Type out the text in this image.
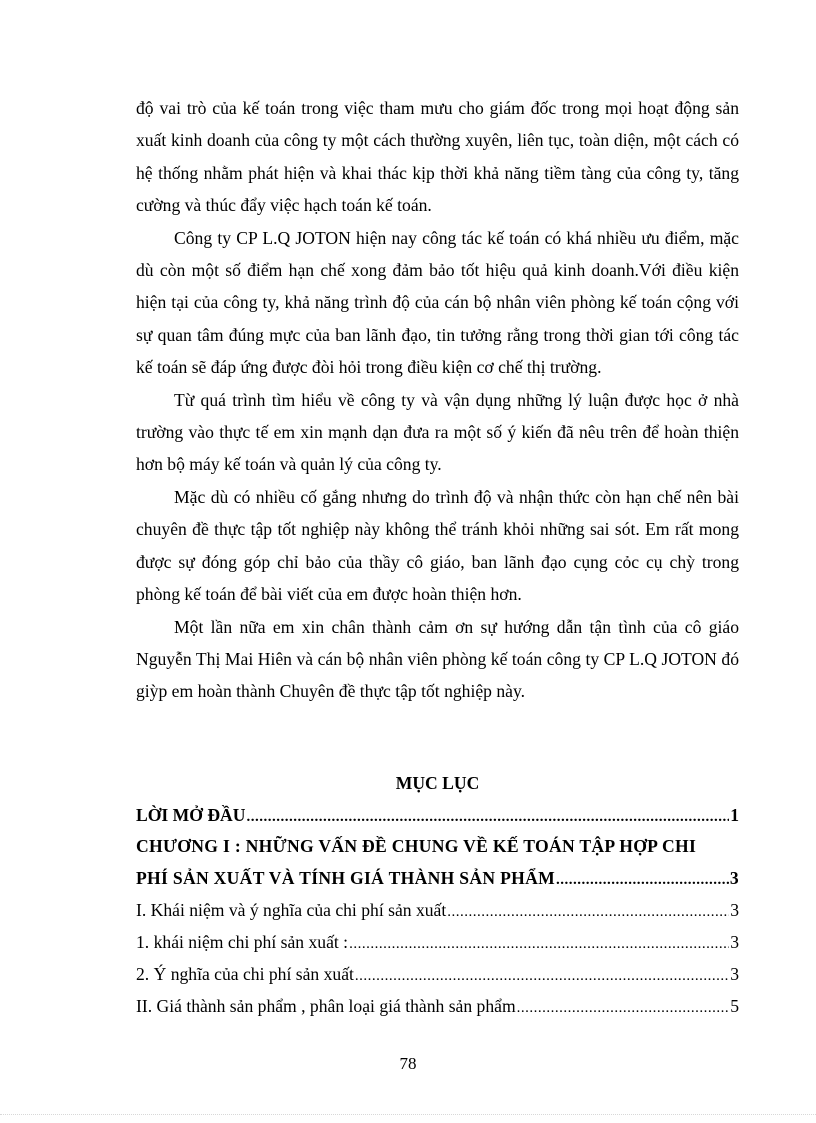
độ vai trò của kế toán trong việc tham mưu cho giám đốc trong mọi hoạt động sản xuất kinh doanh của công ty một cách thường xuyên, liên tục, toàn diện, một cách có hệ thống nhằm phát hiện và khai thác kịp thời khả năng tiềm tàng của công ty, tăng cường và thúc đẩy việc hạch toán kế toán.

Công ty CP L.Q JOTON hiện nay công tác kế toán có khá nhiều ưu điểm, mặc dù còn một số điểm hạn chế xong đảm bảo tốt hiệu quả kinh doanh.Với điều kiện hiện tại của công ty, khả năng trình độ của cán bộ nhân viên phòng kế toán cộng với sự quan tâm đúng mực của ban lãnh đạo, tin tưởng rằng trong thời gian tới công tác kế toán sẽ đáp ứng được đòi hỏi trong điều kiện cơ chế thị trường.

Từ quá trình tìm hiểu về công ty và vận dụng những lý luận được học ở nhà trường vào thực tế em xin mạnh dạn đưa ra một số ý kiến đã nêu trên để hoàn thiện hơn bộ máy kế toán và quản lý của công ty.

Mặc dù có nhiều cố gắng nhưng do trình độ và nhận thức còn hạn chế nên bài chuyên đề thực tập tốt nghiệp này không thể tránh khỏi những sai sót. Em rất mong được sự đóng góp chỉ bảo của thầy cô giáo, ban lãnh đạo cụng cỏc cụ chỳ trong phòng kế toán để bài viết của em được hoàn thiện hơn.

Một lần nữa em xin chân thành cảm ơn sự hướng dẫn tận tình của cô giáo Nguyễn Thị Mai Hiên và cán bộ nhân viên phòng kế toán công ty CP L.Q JOTON đó giỳp em hoàn thành Chuyên đề thực tập tốt nghiệp này.

MỤC LỤC
LỜI MỞ ĐẦU .....	1
CHƯƠNG I : NHỮNG VẤN ĐỀ CHUNG VỀ KẾ TOÁN TẬP HỢP CHI
PHÍ SẢN XUẤT VÀ TÍNH GIÁ THÀNH SẢN PHẨM .....	3
I. Khái niệm và ý nghĩa của chi phí sản xuất .....	3
1. khái niệm chi phí sản xuất : .....	3
2. Ý nghĩa của chi phí sản xuất .....	3
II. Giá thành sản phẩm , phân loại giá thành sản phẩm .....	5
78
